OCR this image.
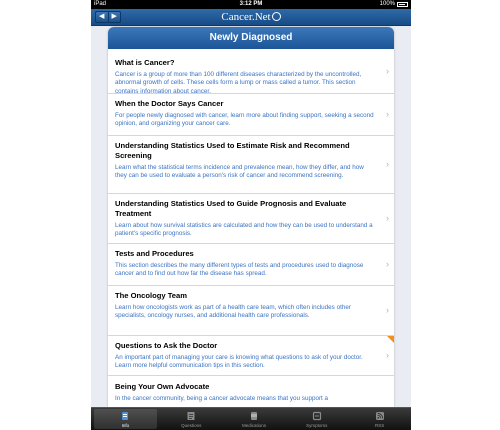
iPad	3:12 PM	100%
◀	▶	Cancer.Net
Newly Diagnosed
What is Cancer?
Cancer is a group of more than 100 different diseases characterized by the uncontrolled, abnormal growth of cells. These cells form a lump or mass called a tumor. This section contains information about cancer.
›
When the Doctor Says Cancer
For people newly diagnosed with cancer, learn more about finding support, seeking a second opinion, and organizing your cancer care.
›
Understanding Statistics Used to Estimate Risk and Recommend Screening
Learn what the statistical terms incidence and prevalence mean, how they differ, and how they can be used to evaluate a person's risk of cancer and recommend screening.
›
Understanding Statistics Used to Guide Prognosis and Evaluate Treatment
Learn about how survival statistics are calculated and how they can be used to understand a patient's specific prognosis.
›
Tests and Procedures
This section describes the many different types of tests and procedures used to diagnose cancer and to find out how far the disease has spread.
›
The Oncology Team
Learn how oncologists work as part of a health care team, which often includes other specialists, oncology nurses, and additional health care professionals.
›
Questions to Ask the Doctor
An important part of managing your care is knowing what questions to ask of your doctor. Learn more helpful communication tips in this section.
›
Being Your Own Advocate
In the cancer community, being a cancer advocate means that you support a
Info	Questions	Medications	Symptoms	RSS
